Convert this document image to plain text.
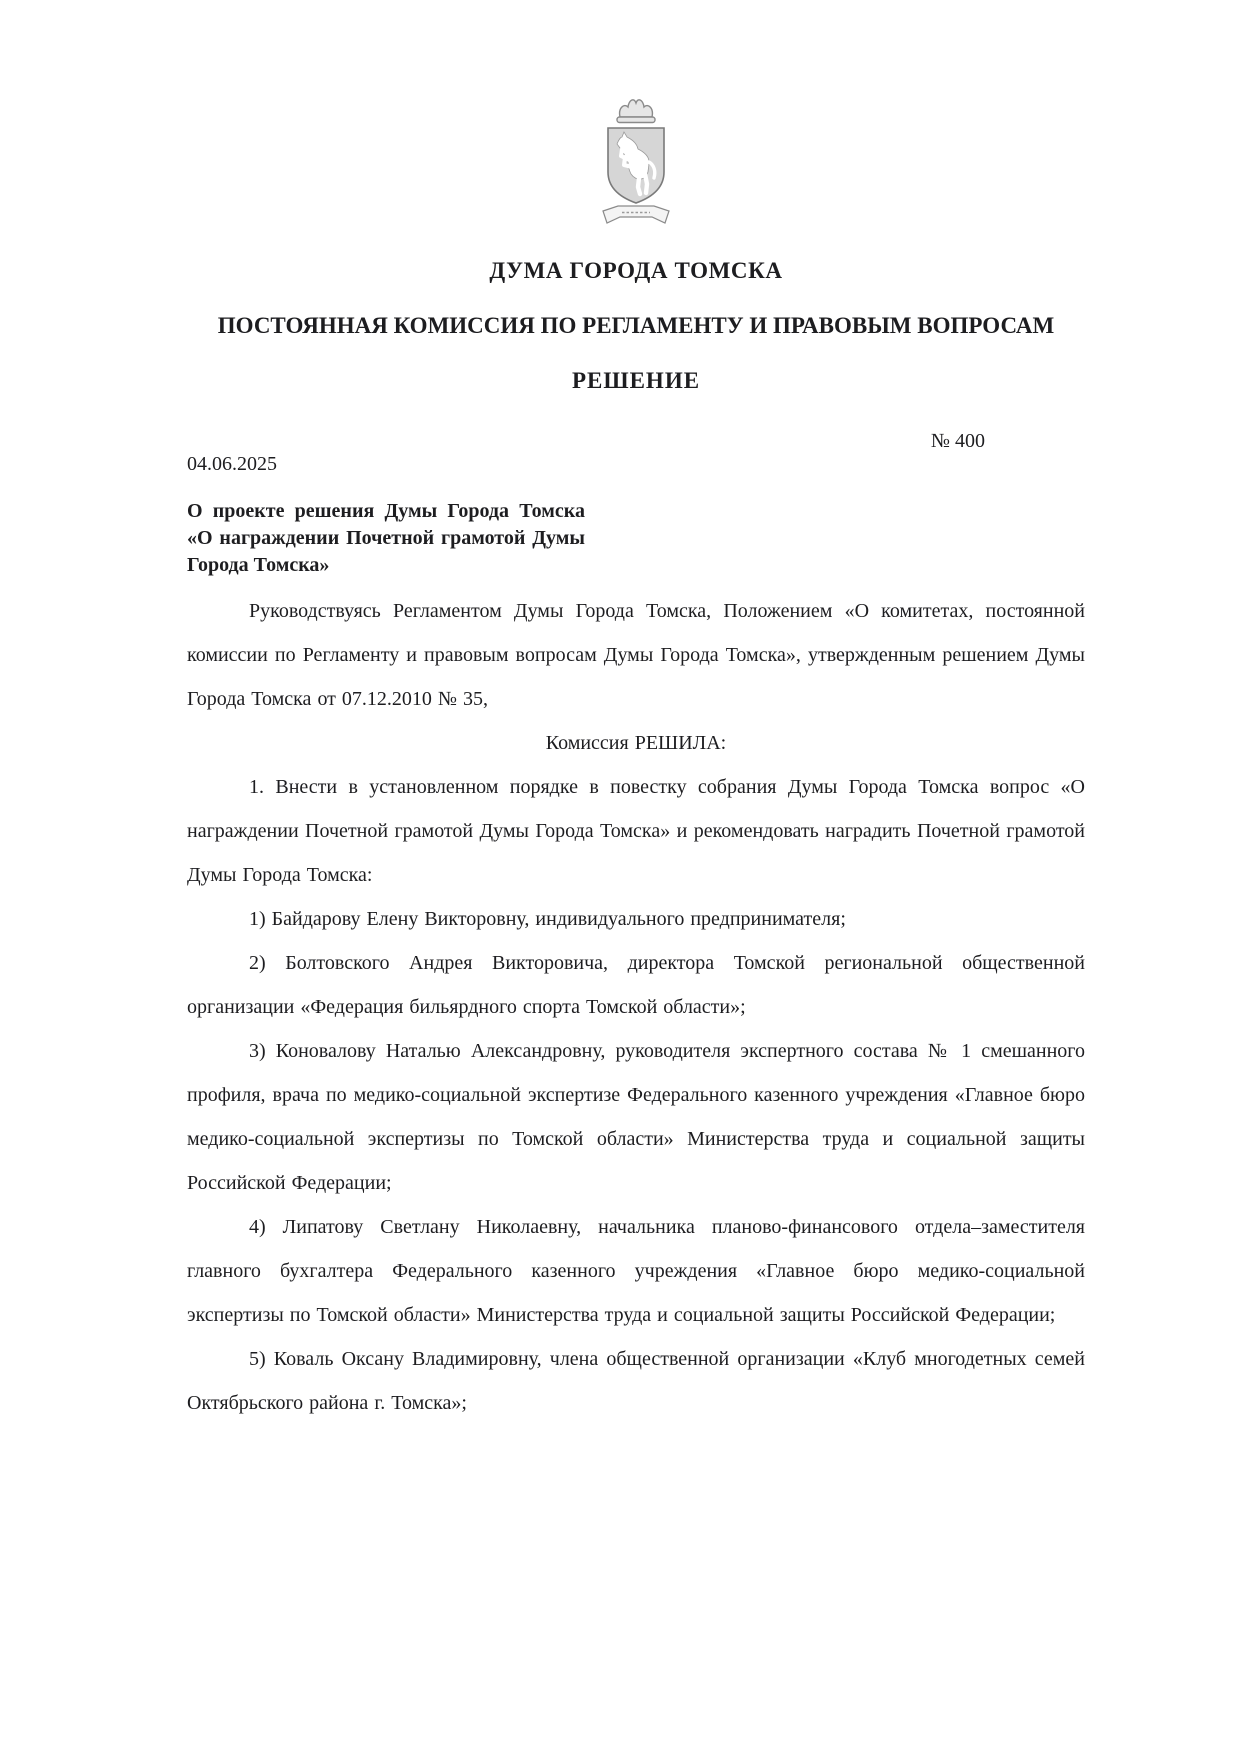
ДУМА ГОРОДА ТОМСКА
ПОСТОЯННАЯ КОМИССИЯ ПО РЕГЛАМЕНТУ И ПРАВОВЫМ ВОПРОСАМ
РЕШЕНИЕ
№ 400
04.06.2025
О проекте решения Думы Города Томска «О награждении Почетной грамотой Думы Города Томска»

Руководствуясь Регламентом Думы Города Томска, Положением «О комитетах, постоянной комиссии по Регламенту и правовым вопросам Думы Города Томска», утвержденным решением Думы Города Томска от 07.12.2010 № 35,

Комиссия РЕШИЛА:

1. Внести в установленном порядке в повестку собрания Думы Города Томска вопрос «О награждении Почетной грамотой Думы Города Томска» и рекомендовать наградить Почетной грамотой Думы Города Томска:

1) Байдарову Елену Викторовну, индивидуального предпринимателя;

2) Болтовского Андрея Викторовича, директора Томской региональной общественной организации «Федерация бильярдного спорта Томской области»;

3) Коновалову Наталью Александровну, руководителя экспертного состава № 1 смешанного профиля, врача по медико-социальной экспертизе Федерального казенного учреждения «Главное бюро медико-социальной экспертизы по Томской области» Министерства труда и социальной защиты Российской Федерации;

4) Липатову Светлану Николаевну, начальника планово-финансового отдела–заместителя главного бухгалтера Федерального казенного учреждения «Главное бюро медико-социальной экспертизы по Томской области» Министерства труда и социальной защиты Российской Федерации;

5) Коваль Оксану Владимировну, члена общественной организации «Клуб многодетных семей Октябрьского района г. Томска»;
